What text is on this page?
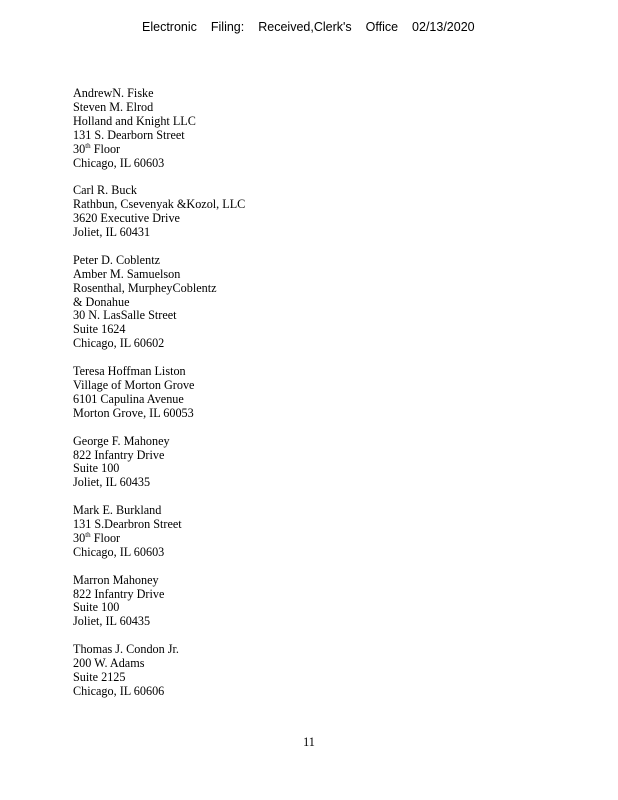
Electronic Filing: Received,Clerk's Office 02/13/2020
AndrewN. Fiske
Steven M. Elrod
Holland and Knight LLC
131 S. Dearborn Street
30th Floor
Chicago, IL 60603
Carl R. Buck
Rathbun, Csevenyak &Kozol, LLC
3620 Executive Drive
Joliet, IL 60431
Peter D. Coblentz
Amber M. Samuelson
Rosenthal, MurpheyCoblentz
& Donahue
30 N. LasSalle Street
Suite 1624
Chicago, IL 60602
Teresa Hoffman Liston
Village of Morton Grove
6101 Capulina Avenue
Morton Grove, IL 60053
George F. Mahoney
822 Infantry Drive
Suite 100
Joliet, IL 60435
Mark E. Burkland
131 S.Dearbron Street
30th Floor
Chicago, IL 60603
Marron Mahoney
822 Infantry Drive
Suite 100
Joliet, IL 60435
Thomas J. Condon Jr.
200 W. Adams
Suite 2125
Chicago, IL 60606
11
